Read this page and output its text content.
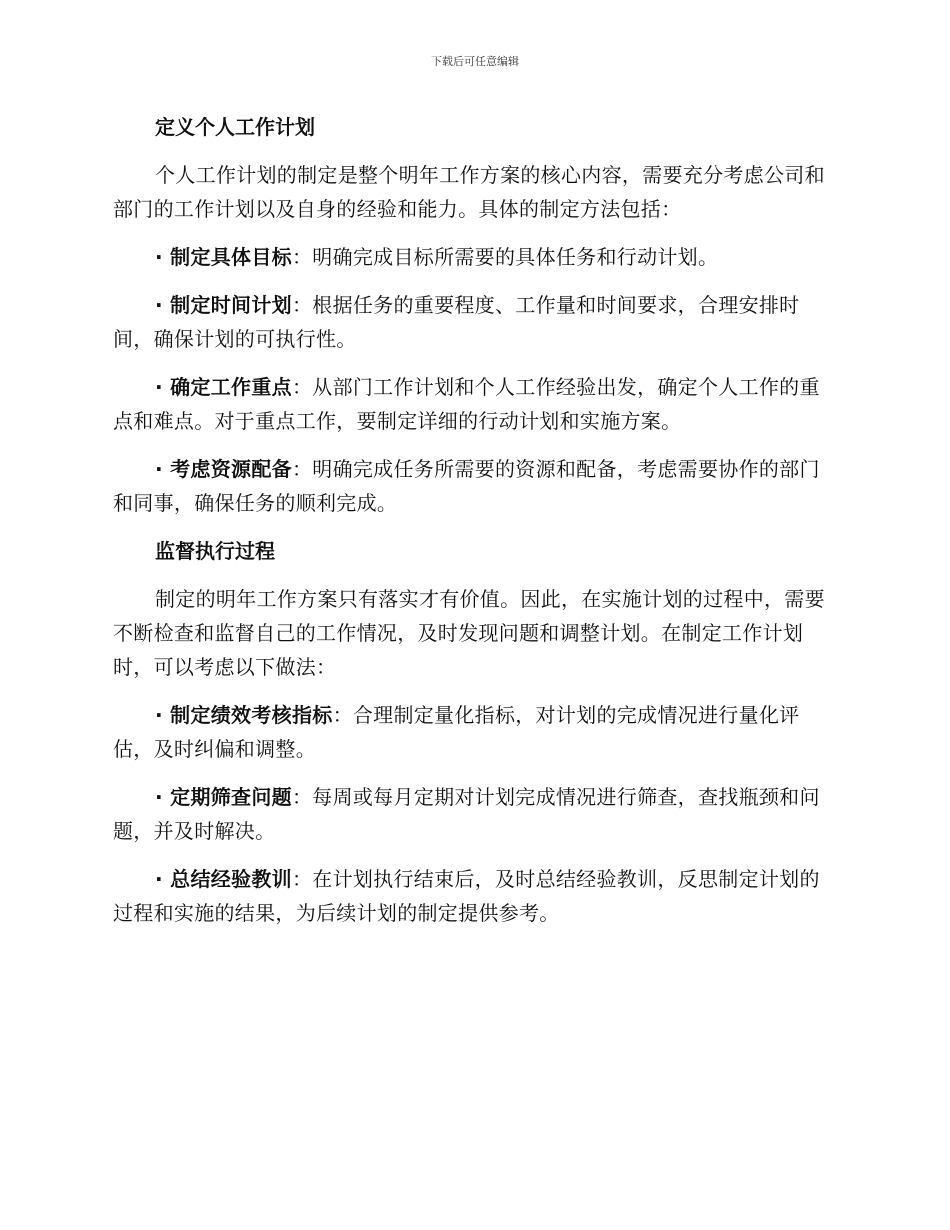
下载后可任意编辑
定义个人工作计划

个人工作计划的制定是整个明年工作方案的核心内容，需要充分考虑公司和部门的工作计划以及自身的经验和能力。具体的制定方法包括：

· 制定具体目标：明确完成目标所需要的具体任务和行动计划。

· 制定时间计划：根据任务的重要程度、工作量和时间要求，合理安排时间，确保计划的可执行性。

· 确定工作重点：从部门工作计划和个人工作经验出发，确定个人工作的重点和难点。对于重点工作，要制定详细的行动计划和实施方案。

· 考虑资源配备：明确完成任务所需要的资源和配备，考虑需要协作的部门和同事，确保任务的顺利完成。

监督执行过程

制定的明年工作方案只有落实才有价值。因此，在实施计划的过程中，需要不断检查和监督自己的工作情况，及时发现问题和调整计划。在制定工作计划时，可以考虑以下做法：

· 制定绩效考核指标：合理制定量化指标，对计划的完成情况进行量化评估，及时纠偏和调整。

· 定期筛查问题：每周或每月定期对计划完成情况进行筛查，查找瓶颈和问题，并及时解决。

· 总结经验教训：在计划执行结束后，及时总结经验教训，反思制定计划的过程和实施的结果，为后续计划的制定提供参考。
